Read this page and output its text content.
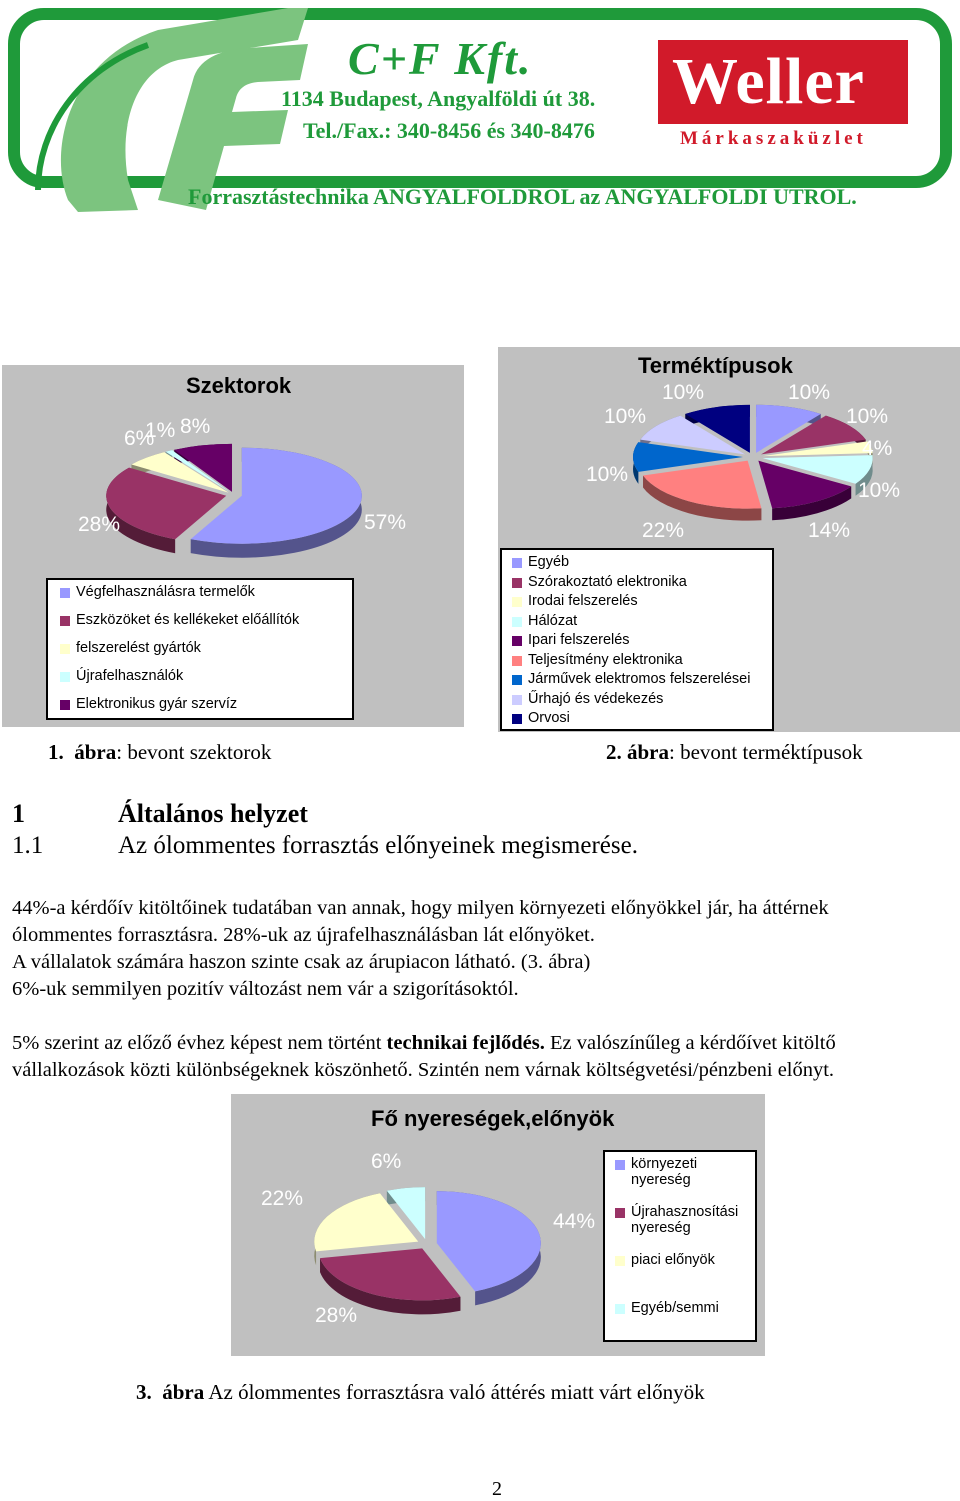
C+F Kft.
1134 Budapest, Angyalföldi út 38.
Tel./Fax.: 340-8456 és 340-8476
Weller
Márkaszaküzlet
Forrasztástechnika ANGYALFÖLDRŐL az ANGYALFÖLDI ÚTRÓL.
Szektorok
6%
1% 8%
28%	57%
Végfelhasználásra termelők
Eszközöket és kellékeket előállítók
felszerelést gyártók
Újrafelhasználók
Elektronikus gyár szervíz
Terméktípusok
10%	10%
10%	10%
4%
10%
10%
22%	14%
Egyéb
Szórakoztató elektronika
Irodai felszerelés
Hálózat
Ipari felszerelés
Teljesítmény elektronika
Járművek elektromos felszerelései
Űrhajó és védekezés
Orvosi
1. ábra: bevont szektorok	2. ábra: bevont terméktípusok
1	Általános helyzet
1.1	Az ólommentes forrasztás előnyeinek megismerése.
44%-a kérdőív kitöltőinek tudatában van annak, hogy milyen környezeti előnyökkel jár, ha áttérnek
ólommentes forrasztásra. 28%-uk az újrafelhasználásban lát előnyöket.
A vállalatok számára haszon szinte csak az árupiacon látható. (3. ábra)
6%-uk semmilyen pozitív változást nem vár a szigorításoktól.
5% szerint az előző évhez képest nem történt technikai fejlődés. Ez valószínűleg a kérdőívet kitöltő
vállalkozások közti különbségeknek köszönhető. Szintén nem várnak költségvetési/pénzbeni előnyt.
Fő nyereségek,előnyök
6%
22%
44%
28%
környezeti nyereség
Újrahasznosítási nyereség
piaci előnyök
Egyéb/semmi
3. ábra Az ólommentes forrasztásra való áttérés miatt várt előnyök
2
